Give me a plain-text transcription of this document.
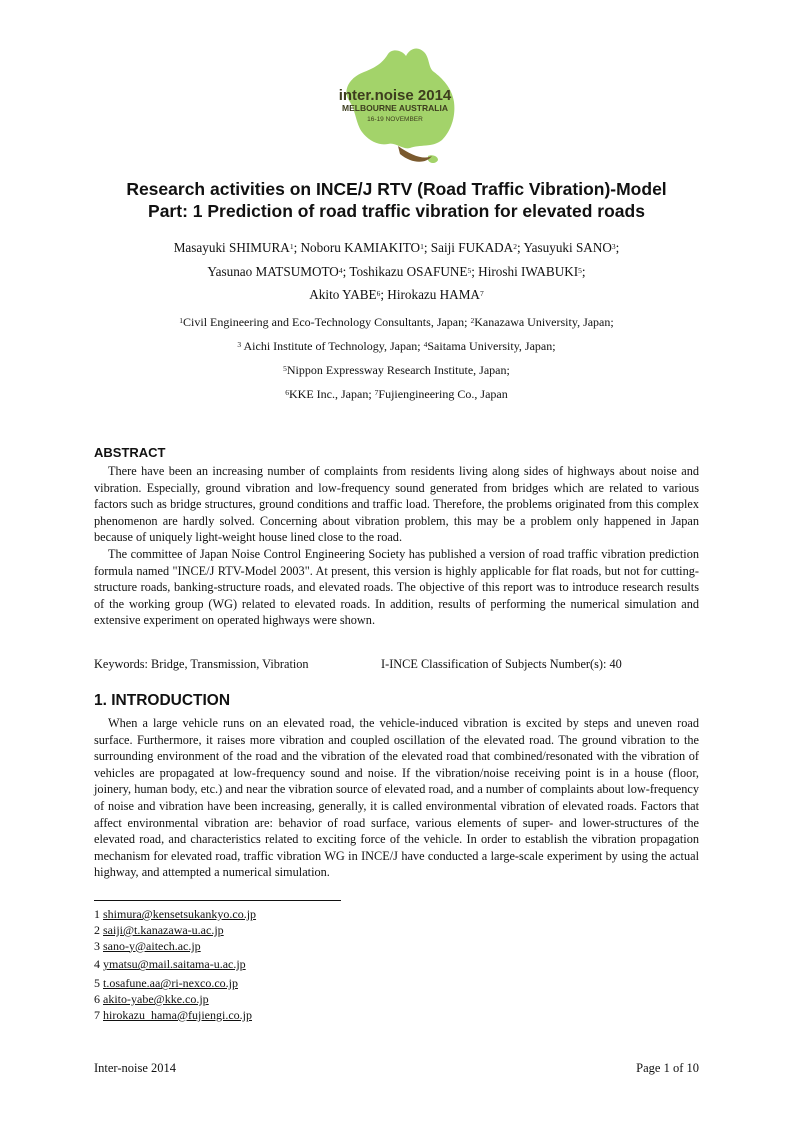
inter.noise 2014
MELBOURNE AUSTRALIA
16-19 NOVEMBER
Research activities on INCE/J RTV (Road Traffic Vibration)-Model
Part: 1 Prediction of road traffic vibration for elevated roads
Masayuki SHIMURA$^1$; Noboru KAMIAKITO$^1$; Saiji FUKADA$^2$; Yasuyuki SANO$^3$;
Yasunao MATSUMOTO$^4$; Toshikazu OSAFUNE$^5$; Hiroshi IWABUKI$^5$;
Akito YABE$^6$; Hirokazu HAMA$^7$
$^1$Civil Engineering and Eco-Technology Consultants, Japan; $^2$Kanazawa University, Japan;
$^3$ Aichi Institute of Technology, Japan; $^4$Saitama University, Japan;
$^5$Nippon Expressway Research Institute, Japan;
$^6$KKE Inc., Japan; $^7$Fujiengineering Co., Japan
ABSTRACT

There have been an increasing number of complaints from residents living along sides of highways about noise and vibration. Especially, ground vibration and low-frequency sound generated from bridges which are related to various factors such as bridge structures, ground conditions and traffic load. Therefore, the problems originated from this complex phenomenon are hardly solved. Concerning about vibration problem, this may be a problem only happened in Japan because of uniquely light-weight house lined close to the road.

The committee of Japan Noise Control Engineering Society has published a version of road traffic vibration prediction formula named "INCE/J RTV-Model 2003". At present, this version is highly applicable for flat roads, but not for cutting-structure roads, banking-structure roads, and elevated roads. The objective of this report was to introduce research results of the working group (WG) related to elevated roads. In addition, results of performing the numerical simulation and extensive experiment on operated highways were shown.

Keywords: Bridge, Transmission, Vibration	I-INCE Classification of Subjects Number(s): 40
1. INTRODUCTION

When a large vehicle runs on an elevated road, the vehicle-induced vibration is excited by steps and uneven road surface. Furthermore, it raises more vibration and coupled oscillation of the elevated road. The ground vibration to the surrounding environment of the road and the vibration of the elevated road that combined/resonated with the vibration of vehicles are propagated at low-frequency sound and noise. If the vibration/noise receiving point is in a house (floor, joinery, human body, etc.) and near the vibration source of elevated road, and a number of complaints about low-frequency of noise and vibration have been increasing, generally, it is called environmental vibration of elevated roads. Factors that affect environmental vibration are: behavior of road surface, various elements of super- and lower-structures of the elevated road, and characteristics related to exciting force of the vehicle. In order to establish the vibration propagation mechanism for elevated road, traffic vibration WG in INCE/J have conducted a large-scale experiment by using the actual highway, and attempted a numerical simulation.

1 shimura@kensetsukankyo.co.jp
2 saiji@t.kanazawa-u.ac.jp
3 sano-y@aitech.ac.jp
4 ymatsu@mail.saitama-u.ac.jp
5 t.osafune.aa@ri-nexco.co.jp
6 akito-yabe@kke.co.jp
7 hirokazu_hama@fujiengi.co.jp
Inter-noise 2014	Page 1 of 10
